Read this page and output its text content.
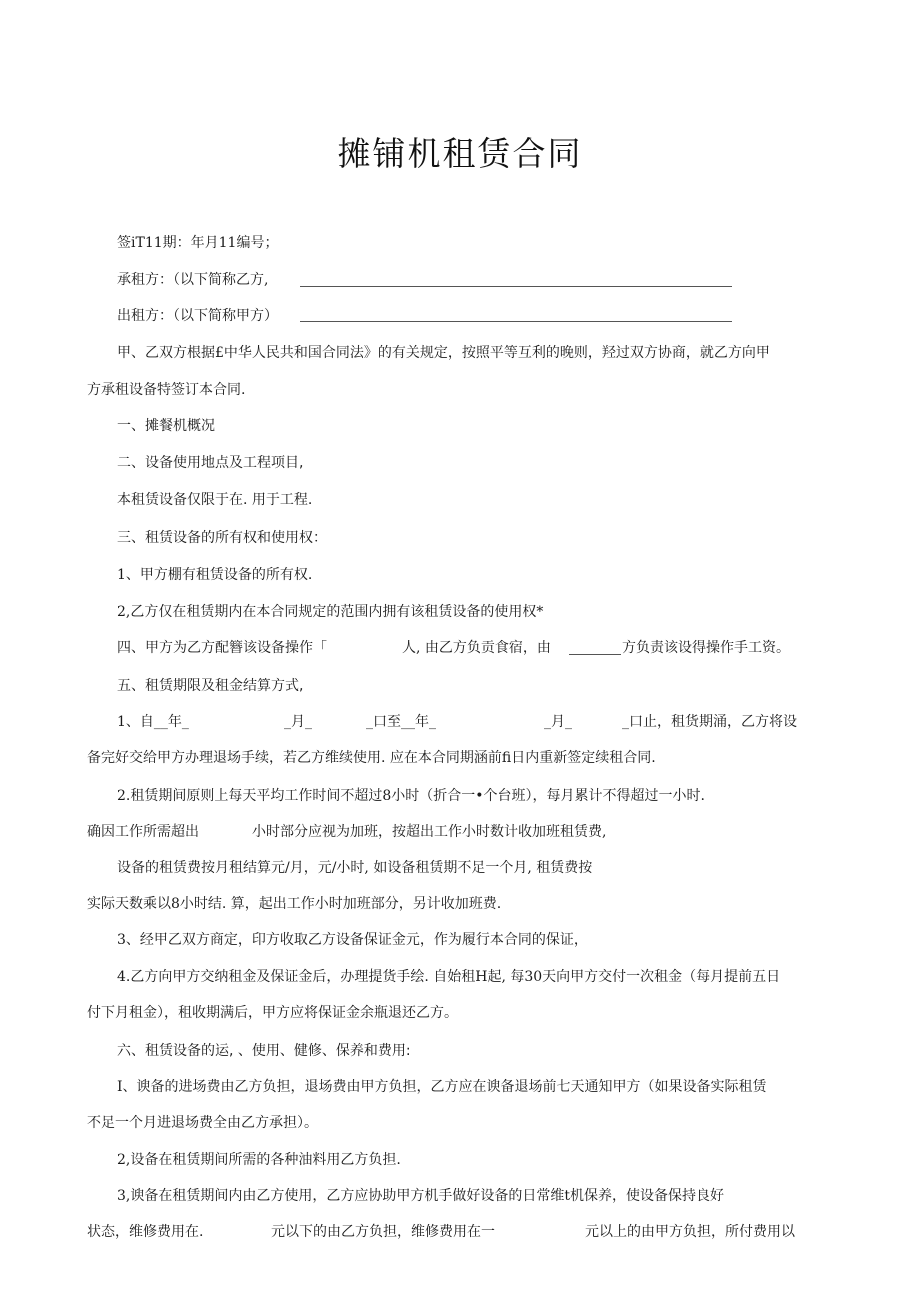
摊铺机租赁合同
签iT11期：年月11编号；
承租方：（以下简称乙方,
出租方：（以下简称甲方）
甲、乙双方根据£中华人民共和国合同法》的有关规定，按照平等互利的晚则，羟过双方协商，就乙方向甲
方承租设备特签订本合同.
一、摊餐机概况
二、设备使用地点及工程项目,
本租赁设备仅限于在. 用于工程.
三、租赁设备的所有权和使用权：
1、甲方棚有租赁设备的所有权.
2,乙方仅在租赁期内在本合同规定的范围内拥有该租赁设备的使用权*
四、甲方为乙方配簪该设备操作「	人, 由乙方负贡食宿，由	方负责该设得操作手工资。
五、租赁期限及租金结算方式,
1、自__年_	_月_	_口至__年_	_月_	_口止，租货期涌，乙方将设
备完好交给甲方办理退场手续，若乙方维续使用. 应在本合同期涵前fi日内重新签定续租合同.
2.租赁期间原则上每天平均工作时间不超过8小时（折合一•个台班），每月累计不得超过一小时.
确因工作所需超出	小时部分应视为加班，按超出工作小时数计收加班租赁费,
设备的租赁费按月租结算元/月，元/小时, 如设备租赁期不足一个月, 租赁费按
实际天数乘以8小时结. 算，起出工作小时加班部分，另计收加班费.
3、经甲乙双方商定，印方收取乙方设备保证金元，作为履行本合同的保证，
4.乙方向甲方交纳租金及保证金后，办理提货手绘. 自始租H起, 每30天向甲方交付一次租金（每月提前五日
付下月租金），租收期满后，甲方应将保证金余瓶退还乙方。
六、租赁设备的运, 、使用、健修、保养和费用:
I、谀备的进场费由乙方负担，退场费由甲方负担，乙方应在谀备退场前七天通知甲方（如果设备实际租赁
不足一个月进退场费全由乙方承担）。
2,设备在租赁期间所需的各种油料用乙方负担.
3,谀备在租赁期间内由乙方使用，乙方应协助甲方机手做好设备的日常维t机保养，使设备保持良好
状态，维修费用在.	元以下的由乙方负担，维修费用在一	元以上的由甲方负担，所付费用以
